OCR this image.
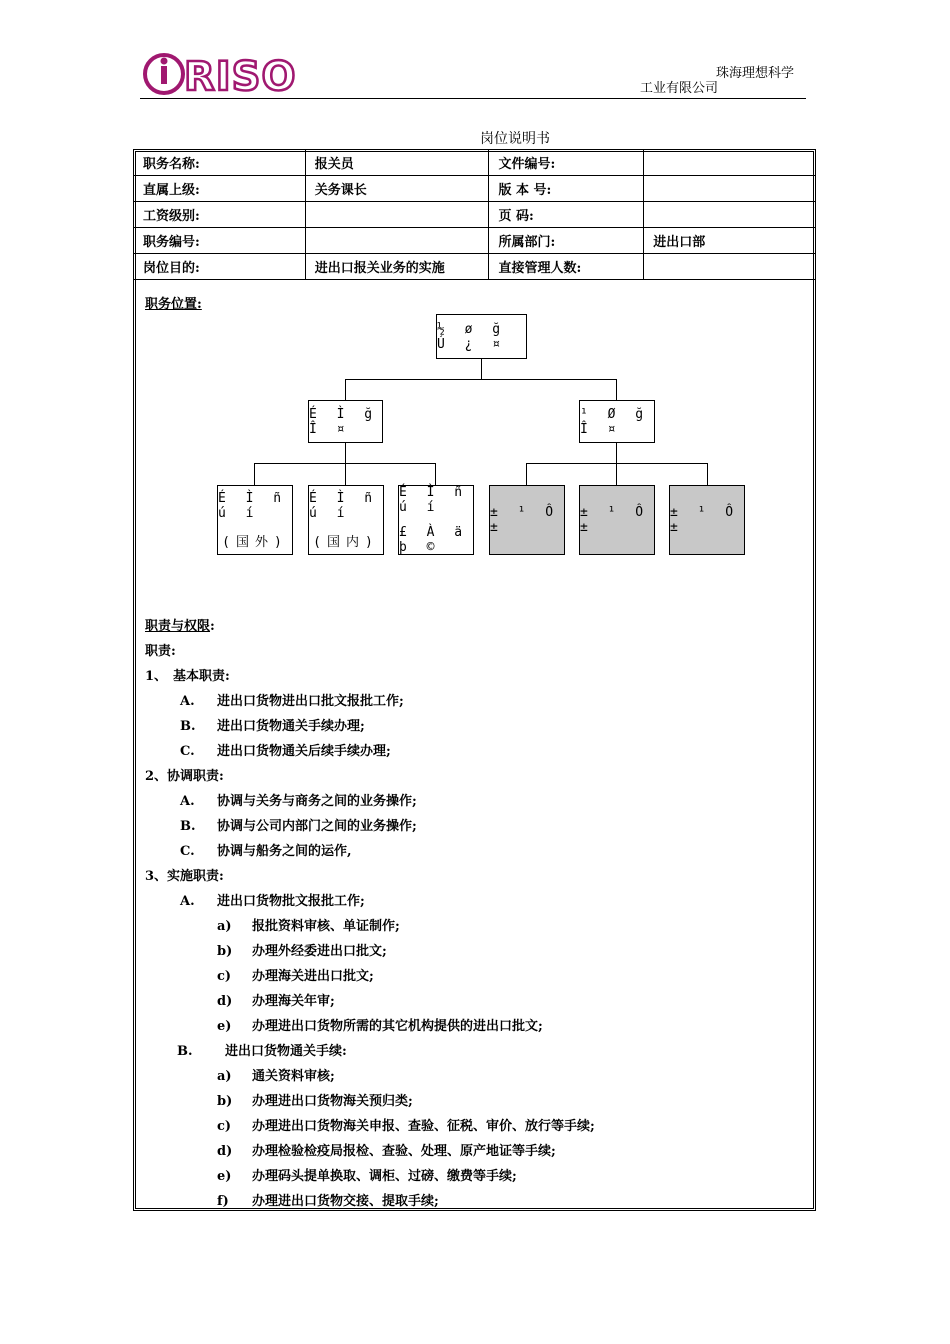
RISO	珠海理想科学
工业有限公司
岗位说明书
职务名称:	报关员	文件编号:	
直属上级:	关务课长	版 本 号:	
工资级别:		页 码:	
职务编号:		所属部门:	进出口部
岗位目的:	进出口报关业务的实施	直接管理人数:	
职务位置:
½ ø ğ Ú ¿ ¤
É Ì ğ Î ¤
¹ Ø ğ Î ¤
É Ì ñ ú í
(国外)
É Ì ñ ú í
(国内)
É Ì ñ ú í
£ À ä þ ©
± ¹ Ô ±
± ¹ Ô ±
± ¹ Ô ±
职责与权限:
职责:
1、 基本职责:
A. 进出口货物进出口批文报批工作;
B. 进出口货物通关手续办理;
C. 进出口货物通关后续手续办理;
2、协调职责:
A. 协调与关务与商务之间的业务操作;
B. 协调与公司内部门之间的业务操作;
C. 协调与船务之间的运作,
3、实施职责:
A. 进出口货物批文报批工作;
a) 报批资料审核、单证制作;
b) 办理外经委进出口批文;
c) 办理海关进出口批文;
d) 办理海关年审;
e) 办理进出口货物所需的其它机构提供的进出口批文;
B. 进出口货物通关手续:
a) 通关资料审核;
b) 办理进出口货物海关预归类;
c) 办理进出口货物海关申报、查验、征税、审价、放行等手续;
d) 办理检验检疫局报检、查验、处理、原产地证等手续;
e) 办理码头提单换取、调柜、过磅、缴费等手续;
f) 办理进出口货物交接、提取手续;
